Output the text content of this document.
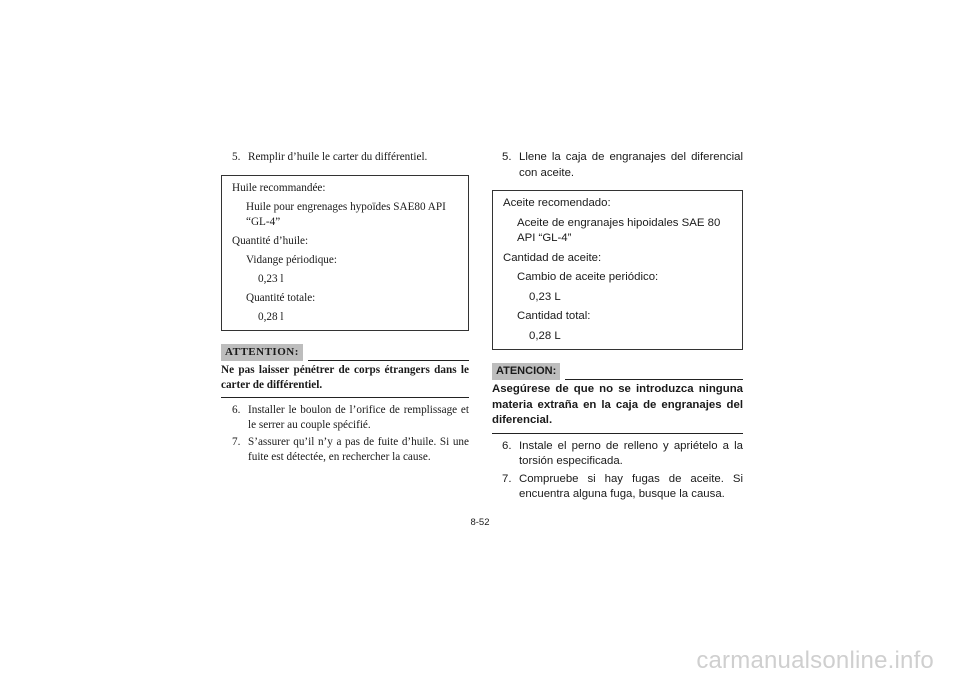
5. Remplir d’huile le carter du différentiel.

Huile recommandée:

Huile pour engrenages hypoïdes SAE80 API “GL-4”

Quantité d’huile:

Vidange périodique:

0,23 l

Quantité totale:

0,28 l

ATTENTION:

Ne pas laisser pénétrer de corps étrangers dans le carter de différentiel.

6. Installer le boulon de l’orifice de remplissage et le serrer au couple spécifié.

7. S’assurer qu’il n’y a pas de fuite d’huile. Si une fuite est détectée, en rechercher la cause.

5. Llene la caja de engranajes del diferencial con aceite.

Aceite recomendado:

Aceite de engranajes hipoidales SAE 80 API “GL-4”

Cantidad de aceite:

Cambio de aceite periódico:

0,23 L

Cantidad total:

0,28 L

ATENCION:

Asegúrese de que no se introduzca ninguna materia extraña en la caja de engranajes del diferencial.

6. Instale el perno de relleno y apriételo a la torsión especificada.

7. Compruebe si hay fugas de aceite. Si encuentra alguna fuga, busque la causa.

8-52
carmanualsonline.info
